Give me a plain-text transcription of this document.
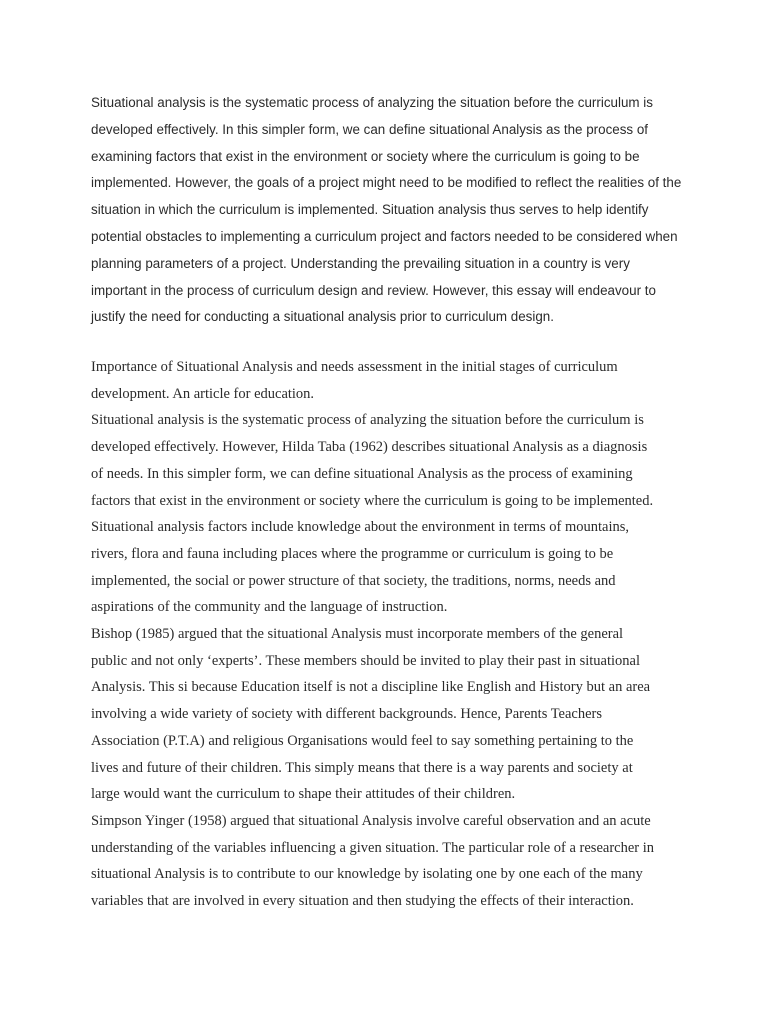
Situational analysis is the systematic process of analyzing the situation before the curriculum is
developed effectively. In this simpler form, we can define situational Analysis as the process of
examining factors that exist in the environment or society where the curriculum is going to be
implemented. However, the goals of a project might need to be modified to reflect the realities of the
situation in which the curriculum is implemented. Situation analysis thus serves to help identify
potential obstacles to implementing a curriculum project and factors needed to be considered when
planning parameters of a project. Understanding the prevailing situation in a country is very
important in the process of curriculum design and review. However, this essay will endeavour to
justify the need for conducting a situational analysis prior to curriculum design.

Importance of Situational Analysis and needs assessment in the initial stages of curriculum
development. An article for education.

Situational analysis is the systematic process of analyzing the situation before the curriculum is
developed effectively. However, Hilda Taba (1962) describes situational Analysis as a diagnosis
of needs. In this simpler form, we can define situational Analysis as the process of examining
factors that exist in the environment or society where the curriculum is going to be implemented.
Situational analysis factors include knowledge about the environment in terms of mountains,
rivers, flora and fauna including places where the programme or curriculum is going to be
implemented, the social or power structure of that society, the traditions, norms, needs and
aspirations of the community and the language of instruction.

Bishop (1985) argued that the situational Analysis must incorporate members of the general
public and not only ‘experts’. These members should be invited to play their past in situational
Analysis. This si because Education itself is not a discipline like English and History but an area
involving a wide variety of society with different backgrounds. Hence, Parents Teachers
Association (P.T.A) and religious Organisations would feel to say something pertaining to the
lives and future of their children. This simply means that there is a way parents and society at
large would want the curriculum to shape their attitudes of their children.

Simpson Yinger (1958) argued that situational Analysis involve careful observation and an acute
understanding of the variables influencing a given situation. The particular role of a researcher in
situational Analysis is to contribute to our knowledge by isolating one by one each of the many
variables that are involved in every situation and then studying the effects of their interaction.
